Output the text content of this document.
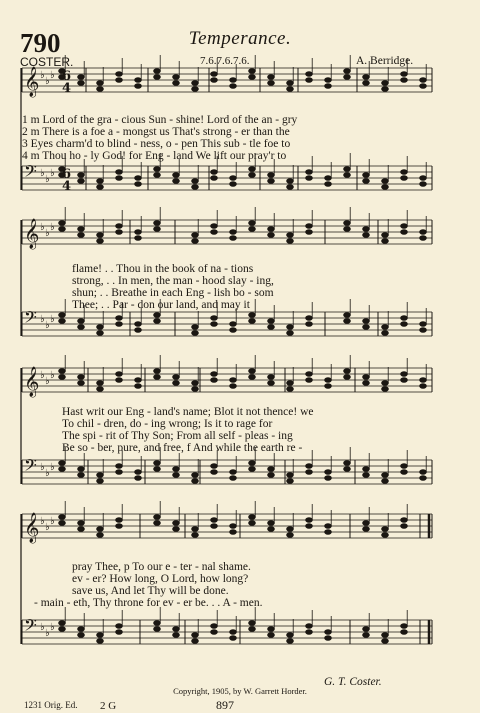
790	Temperance.
COSTER.	7.6.7.6.7.6.	A. Berridge.
𝄞 ♭
♭
♭
𝄢 ♭
♭
♭
𝄞 ♭
♭
♭
𝄢 ♭
♭
♭
𝄞 ♭
♭
♭
𝄢 ♭
♭
♭
𝄞 ♭
♭
♭
𝄢 ♭
♭
♭
6
4
6
4
1 m Lord of the gra - cious Sun - shine! Lord of the an - gry
2 m There is a foe a - mongst us That's strong - er than the
3 Eyes charm'd to blind - ness, o - pen This sub - tle foe to
4 m Thou ho - ly God! for Eng - land We lift our pray'r to
flame! . . Thou in the book of na - tions
strong, . . In men, the man - hood slay - ing,
shun; . . Breathe in each Eng - lish bo - som
Thee; . . Par - don our land, and may it
Hast writ our Eng - land's name; Blot it not thence! we
To chil - dren, do - ing wrong; Is it to rage for
The spi - rit of Thy Son; From all self - pleas - ing
Be so - ber, pure, and free, f And while the earth re -
pray Thee, p To our e - ter - nal shame.
ev - er? How long, O Lord, how long?
save us, And let Thy will be done.
- main - eth, Thy throne for ev - er be. . . A - men.
G. T. Coster.
Copyright, 1905, by W. Garrett Horder.
1231 Orig. Ed. 2 G	897
